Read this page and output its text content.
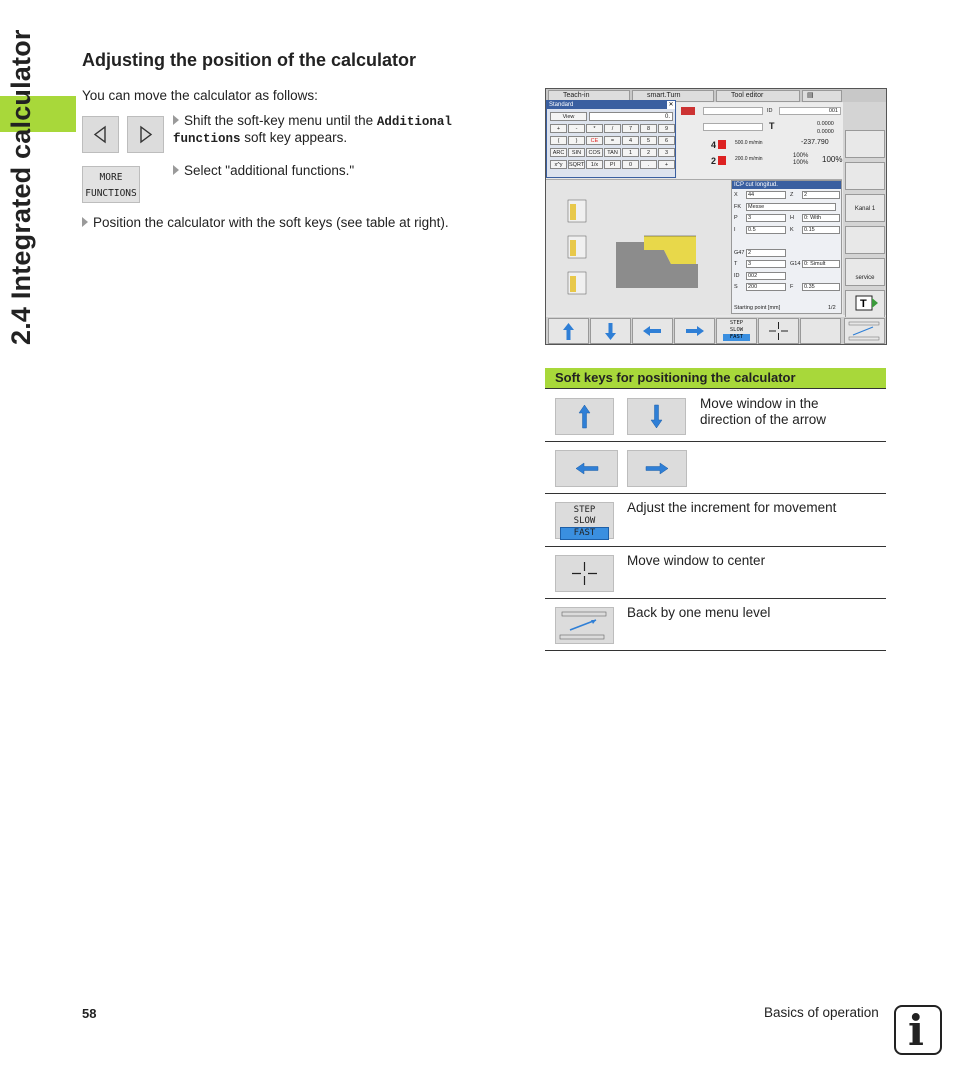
2.4 Integrated calculator	Adjusting the position of the calculator
You can move the calculator as follows:
Shift the soft-key menu until the Additional functions soft key appears.
MORE
FUNCTIONS
Select "additional functions."
Position the calculator with the soft keys (see table at right).
Teach-in	smart.Turn	Tool editor	▤
Standard	✕
View	0.
+	-	*	/	7	8	9
(	)	CE	=	4	5	6
ARC	SIN	COS	TAN	1	2	3
x^y	SQRT	1/x	PI	0	.	+
ID	001
T	0.0000
0.0000
4	500.0 m/min	-237.790
2	200.0 m/min	100%
100% 100%
ICP cut longitud.
X	44	Z	2
FK	Messe
P	3	H	0: With
I	0.5	K	0.15
G47 2
T	3	G14 0: Simult
ID	002
S	200	F	0.35
Starting point [mm]	1/2
Kanal 1
service
T
STEP
SLOW
FAST
Soft keys for positioning the calculator
Move window in the direction of the arrow
STEP
SLOW
FAST
Adjust the increment for movement
Move window to center
Back by one menu level
58	Basics of operation i
